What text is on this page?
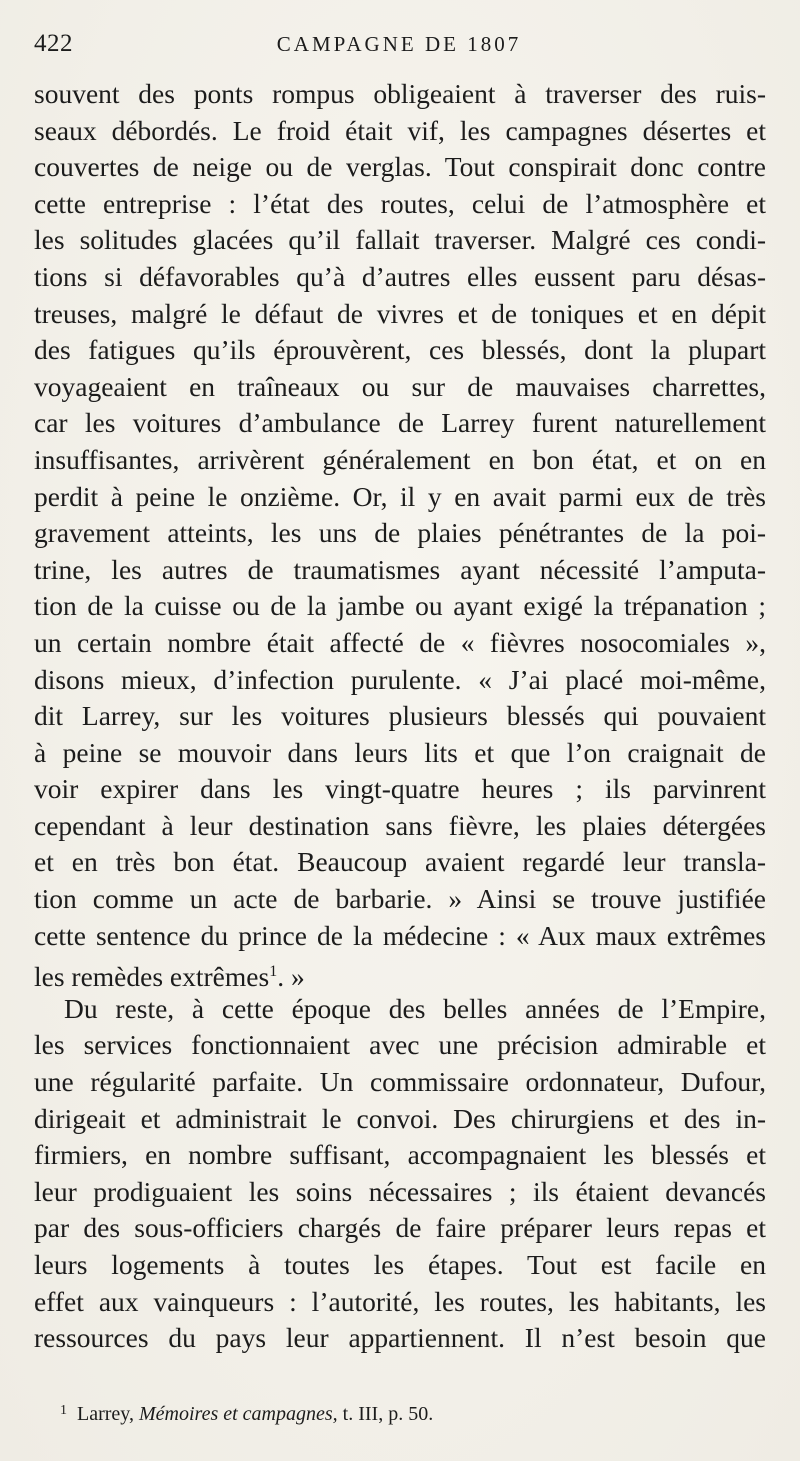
422	CAMPAGNE DE 1807
souvent des ponts rompus obligeaient à traverser des ruis-
seaux débordés. Le froid était vif, les campagnes désertes et
couvertes de neige ou de verglas. Tout conspirait donc contre
cette entreprise : l’état des routes, celui de l’atmosphère et
les solitudes glacées qu’il fallait traverser. Malgré ces condi-
tions si défavorables qu’à d’autres elles eussent paru désas-
treuses, malgré le défaut de vivres et de toniques et en dépit
des fatigues qu’ils éprouvèrent, ces blessés, dont la plupart
voyageaient en traîneaux ou sur de mauvaises charrettes,
car les voitures d’ambulance de Larrey furent naturellement
insuffisantes, arrivèrent généralement en bon état, et on en
perdit à peine le onzième. Or, il y en avait parmi eux de très
gravement atteints, les uns de plaies pénétrantes de la poi-
trine, les autres de traumatismes ayant nécessité l’amputa-
tion de la cuisse ou de la jambe ou ayant exigé la trépanation ;
un certain nombre était affecté de « fièvres nosocomiales »,
disons mieux, d’infection purulente. « J’ai placé moi-même,
dit Larrey, sur les voitures plusieurs blessés qui pouvaient
à peine se mouvoir dans leurs lits et que l’on craignait de
voir expirer dans les vingt-quatre heures ; ils parvinrent
cependant à leur destination sans fièvre, les plaies détergées
et en très bon état. Beaucoup avaient regardé leur transla-
tion comme un acte de barbarie. » Ainsi se trouve justifiée
cette sentence du prince de la médecine : « Aux maux extrêmes
les remèdes extrêmes$^1$. »
Du reste, à cette époque des belles années de l’Empire,
les services fonctionnaient avec une précision admirable et
une régularité parfaite. Un commissaire ordonnateur, Dufour,
dirigeait et administrait le convoi. Des chirurgiens et des in-
firmiers, en nombre suffisant, accompagnaient les blessés et
leur prodiguaient les soins nécessaires ; ils étaient devancés
par des sous-officiers chargés de faire préparer leurs repas et
leurs logements à toutes les étapes. Tout est facile en
effet aux vainqueurs : l’autorité, les routes, les habitants, les
ressources du pays leur appartiennent. Il n’est besoin que
$^1$ Larrey, Mémoires et campagnes, t. III, p. 50.
